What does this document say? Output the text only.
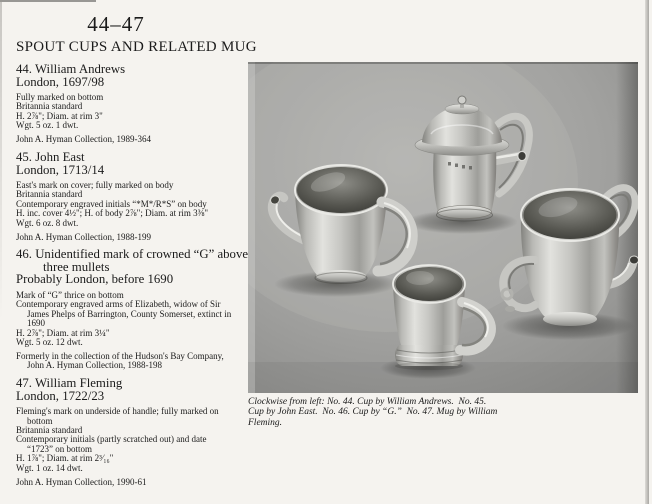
44–47
SPOUT CUPS AND RELATED MUG
44. William Andrews
London, 1697/98
Fully marked on bottom
Britannia standard
H. 2⅞"; Diam. at rim 3"
Wgt. 5 oz. 1 dwt.
John A. Hyman Collection, 1989-364
45. John East
London, 1713/14
East's mark on cover; fully marked on body
Britannia standard
Contemporary engraved initials “*M*/R*S” on body
H. inc. cover 4½"; H. of body 2⅞"; Diam. at rim 3⅜"
Wgt. 6 oz. 8 dwt.
John A. Hyman Collection, 1988-199
46. Unidentified mark of crowned “G” above
three mullets
Probably London, before 1690
Mark of “G” thrice on bottom
Contemporary engraved arms of Elizabeth, widow of Sir
James Phelps of Barrington, County Somerset, extinct in
1690
H. 2⅞"; Diam. at rim 3¼"
Wgt. 5 oz. 12 dwt.
Formerly in the collection of the Hudson's Bay Company,
John A. Hyman Collection, 1988-198
47. William Fleming
London, 1722/23
Fleming's mark on underside of handle; fully marked on
bottom
Britannia standard
Contemporary initials (partly scratched out) and date
“1723” on bottom
H. 1⅞"; Diam. at rim 2³⁄₁₆"
Wgt. 1 oz. 14 dwt.
John A. Hyman Collection, 1990-61
Clockwise from left: No. 44. Cup by William Andrews.  No. 45.
Cup by John East.  No. 46. Cup by “G.”  No. 47. Mug by William
Fleming.
